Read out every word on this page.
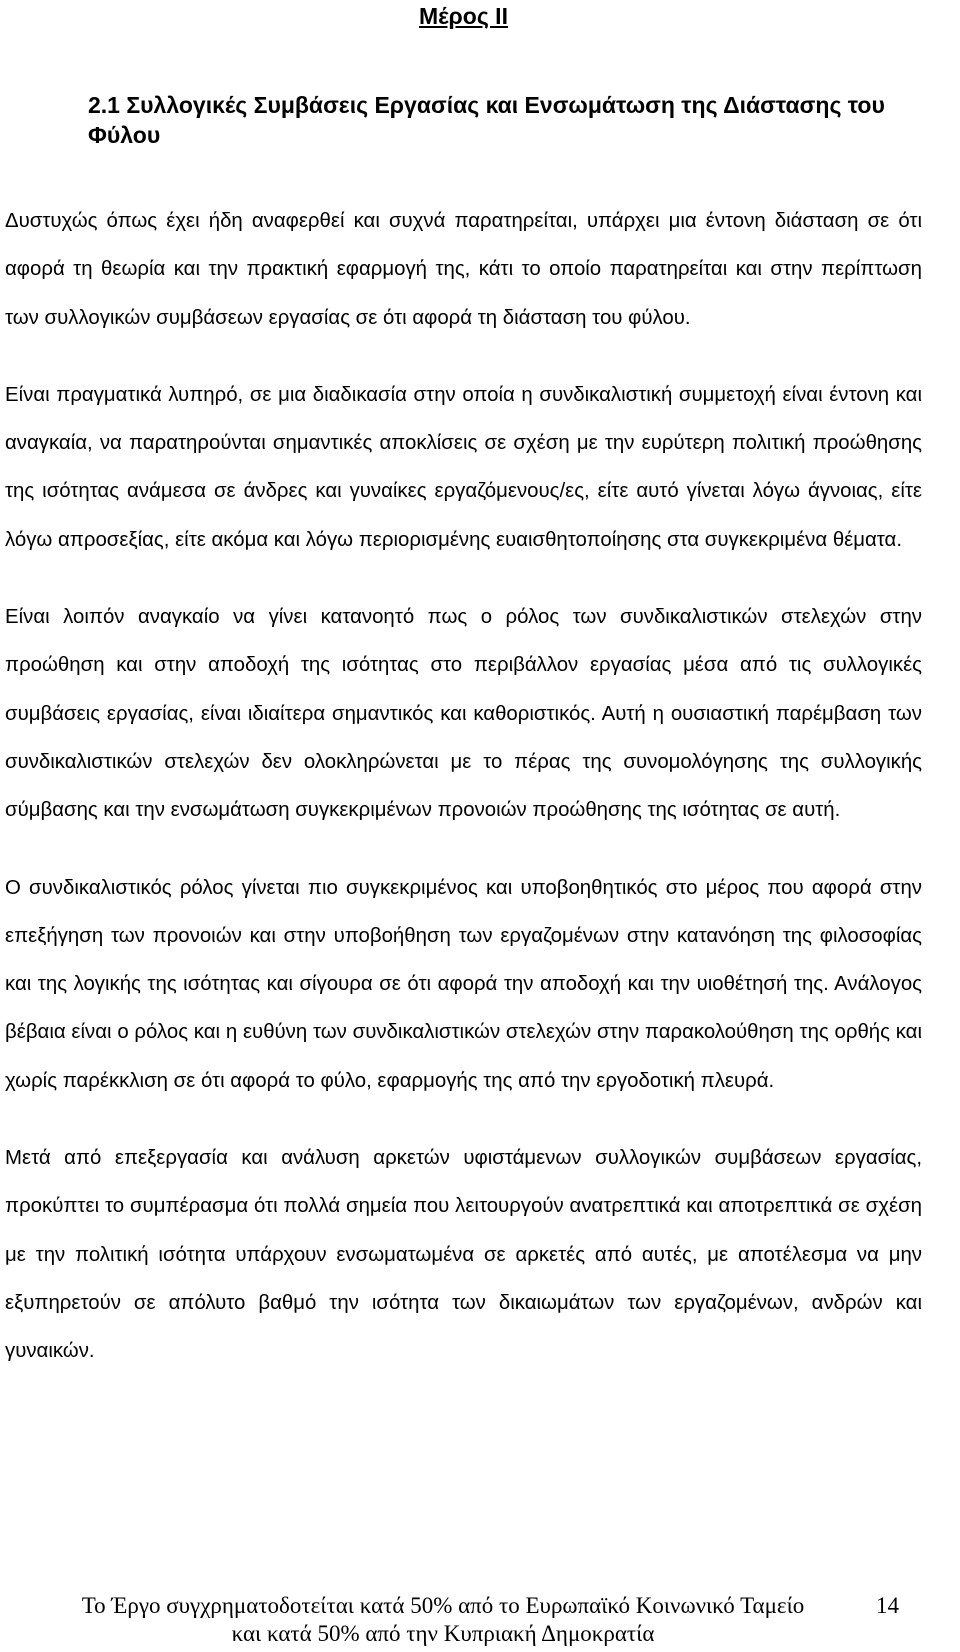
Μέρος ΙΙ
2.1 Συλλογικές Συμβάσεις Εργασίας και Ενσωμάτωση της Διάστασης του Φύλου

Δυστυχώς όπως έχει ήδη αναφερθεί και συχνά παρατηρείται, υπάρχει μια έντονη διάσταση σε ότι αφορά τη θεωρία και την πρακτική εφαρμογή της, κάτι το οποίο παρατηρείται και στην περίπτωση των συλλογικών συμβάσεων εργασίας σε ότι αφορά τη διάσταση του φύλου.

Είναι πραγματικά λυπηρό, σε μια διαδικασία στην οποία η συνδικαλιστική συμμετοχή είναι έντονη και αναγκαία, να παρατηρούνται σημαντικές αποκλίσεις σε σχέση με την ευρύτερη πολιτική προώθησης της ισότητας ανάμεσα σε άνδρες και γυναίκες εργαζόμενους/ες, είτε αυτό γίνεται λόγω άγνοιας, είτε λόγω απροσεξίας, είτε ακόμα και λόγω περιορισμένης ευαισθητοποίησης στα συγκεκριμένα θέματα.

Είναι λοιπόν αναγκαίο να γίνει κατανοητό πως ο ρόλος των συνδικαλιστικών στελεχών στην προώθηση και στην αποδοχή της ισότητας στο περιβάλλον εργασίας μέσα από τις συλλογικές συμβάσεις εργασίας, είναι ιδιαίτερα σημαντικός και καθοριστικός. Αυτή η ουσιαστική παρέμβαση των συνδικαλιστικών στελεχών δεν ολοκληρώνεται με το πέρας της συνομολόγησης της συλλογικής σύμβασης και την ενσωμάτωση συγκεκριμένων προνοιών προώθησης της ισότητας σε αυτή.

Ο συνδικαλιστικός ρόλος γίνεται πιο συγκεκριμένος και υποβοηθητικός στο μέρος που αφορά στην επεξήγηση των προνοιών και στην υποβοήθηση των εργαζομένων στην κατανόηση της φιλοσοφίας και της λογικής της ισότητας και σίγουρα σε ότι αφορά την αποδοχή και την υιοθέτησή της. Ανάλογος βέβαια είναι ο ρόλος και η ευθύνη των συνδικαλιστικών στελεχών στην παρακολούθηση της ορθής και χωρίς παρέκκλιση σε ότι αφορά το φύλο, εφαρμογής της από την εργοδοτική πλευρά.

Μετά από επεξεργασία και ανάλυση αρκετών υφιστάμενων συλλογικών συμβάσεων εργασίας, προκύπτει το συμπέρασμα ότι πολλά σημεία που λειτουργούν ανατρεπτικά και αποτρεπτικά σε σχέση με την πολιτική ισότητα υπάρχουν ενσωματωμένα σε αρκετές από αυτές, με αποτέλεσμα να μην εξυπηρετούν σε απόλυτο βαθμό την ισότητα των δικαιωμάτων των εργαζομένων, ανδρών και γυναικών.

Το Έργο συγχρηματοδοτείται κατά 50% από το Ευρωπαϊκό Κοινωνικό Ταμείο
και κατά 50% από την Κυπριακή Δημοκρατία
14
